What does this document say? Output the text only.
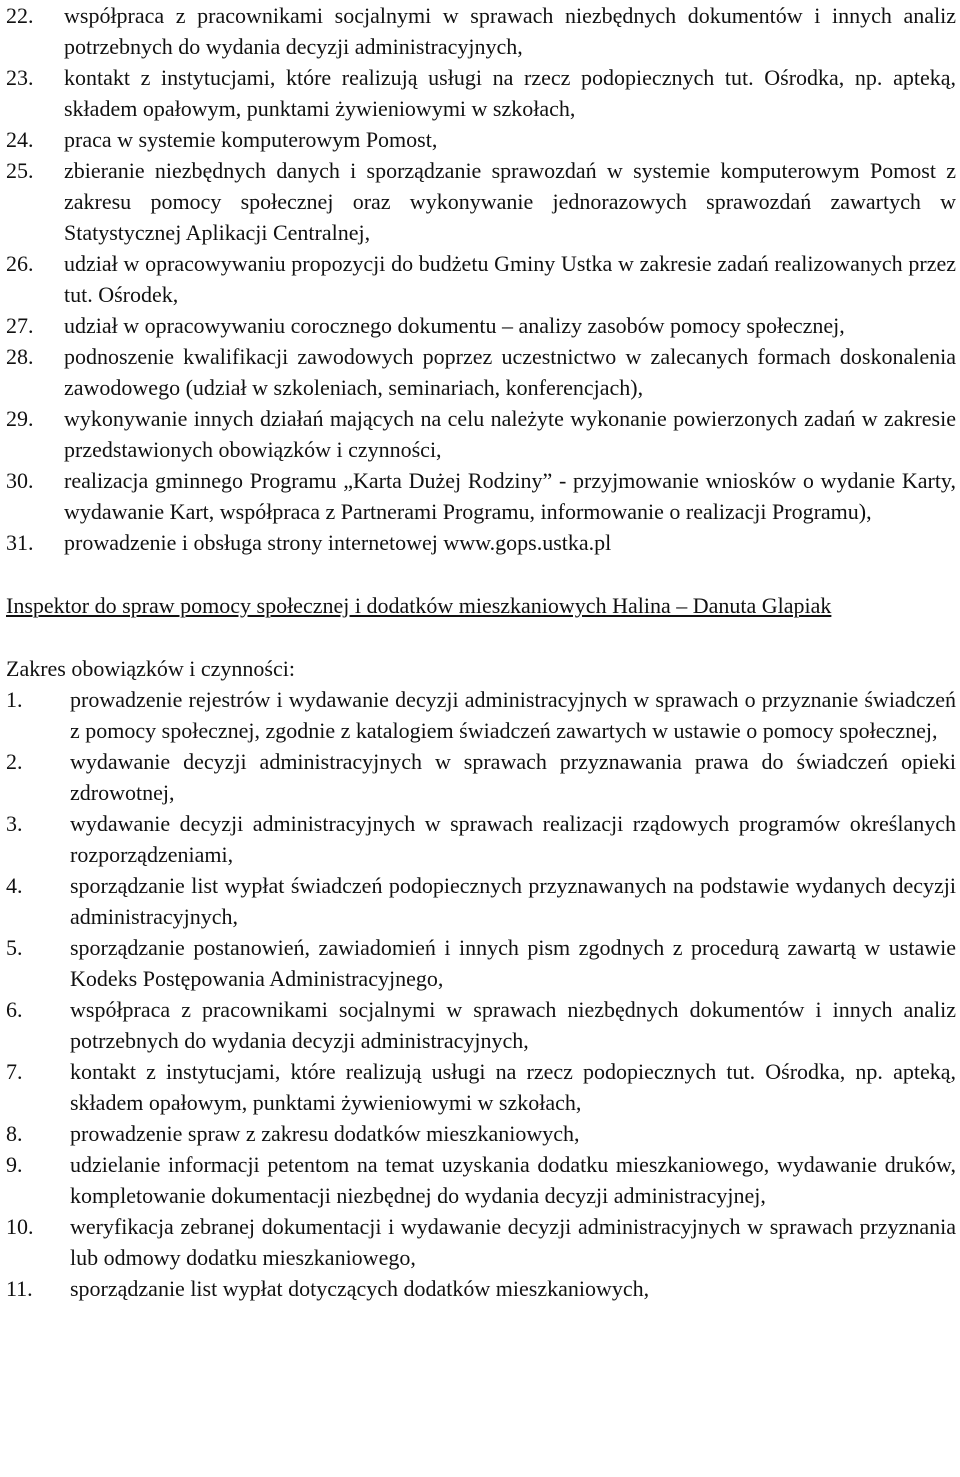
22.	współpraca z pracownikami socjalnymi w sprawach niezbędnych dokumentów i innych analiz potrzebnych do wydania decyzji administracyjnych,
23.	kontakt z instytucjami, które realizują usługi na rzecz podopiecznych tut. Ośrodka, np. apteką, składem opałowym, punktami żywieniowymi w szkołach,
24.	praca w systemie komputerowym Pomost,
25.	zbieranie niezbędnych danych i sporządzanie sprawozdań w systemie komputerowym Pomost z zakresu pomocy społecznej oraz wykonywanie jednorazowych sprawozdań zawartych w Statystycznej Aplikacji Centralnej,
26.	udział w opracowywaniu propozycji do budżetu Gminy Ustka w zakresie zadań realizowanych przez tut. Ośrodek,
27.	udział w opracowywaniu corocznego dokumentu – analizy zasobów pomocy społecznej,
28.	podnoszenie kwalifikacji zawodowych poprzez uczestnictwo w zalecanych formach doskonalenia zawodowego (udział w szkoleniach, seminariach, konferencjach),
29.	wykonywanie innych działań mających na celu należyte wykonanie powierzonych zadań w zakresie przedstawionych obowiązków i czynności,
30.	realizacja gminnego Programu „Karta Dużej Rodziny” - przyjmowanie wniosków o wydanie Karty, wydawanie Kart, współpraca z Partnerami Programu, informowanie o realizacji Programu),
31.	prowadzenie i obsługa strony internetowej www.gops.ustka.pl
Inspektor do spraw pomocy społecznej i dodatków mieszkaniowych Halina – Danuta Glapiak
Zakres obowiązków i czynności:
1.	prowadzenie rejestrów i wydawanie decyzji administracyjnych w sprawach o przyznanie świadczeń z pomocy społecznej, zgodnie z katalogiem świadczeń zawartych w ustawie o pomocy społecznej,
2.	wydawanie decyzji administracyjnych w sprawach przyznawania prawa do świadczeń opieki zdrowotnej,
3.	wydawanie decyzji administracyjnych w sprawach realizacji rządowych programów określanych rozporządzeniami,
4.	sporządzanie list wypłat świadczeń podopiecznych przyznawanych na podstawie wydanych decyzji administracyjnych,
5.	sporządzanie postanowień, zawiadomień i innych pism zgodnych z procedurą zawartą w ustawie Kodeks Postępowania Administracyjnego,
6.	współpraca z pracownikami socjalnymi w sprawach niezbędnych dokumentów i innych analiz potrzebnych do wydania decyzji administracyjnych,
7.	kontakt z instytucjami, które realizują usługi na rzecz podopiecznych tut. Ośrodka, np. apteką, składem opałowym, punktami żywieniowymi w szkołach,
8.	prowadzenie spraw z zakresu dodatków mieszkaniowych,
9.	udzielanie informacji petentom na temat uzyskania dodatku mieszkaniowego, wydawanie druków, kompletowanie dokumentacji niezbędnej do wydania decyzji administracyjnej,
10.	weryfikacja zebranej dokumentacji i wydawanie decyzji administracyjnych w sprawach przyznania lub odmowy dodatku mieszkaniowego,
11.	sporządzanie list wypłat dotyczących dodatków mieszkaniowych,
